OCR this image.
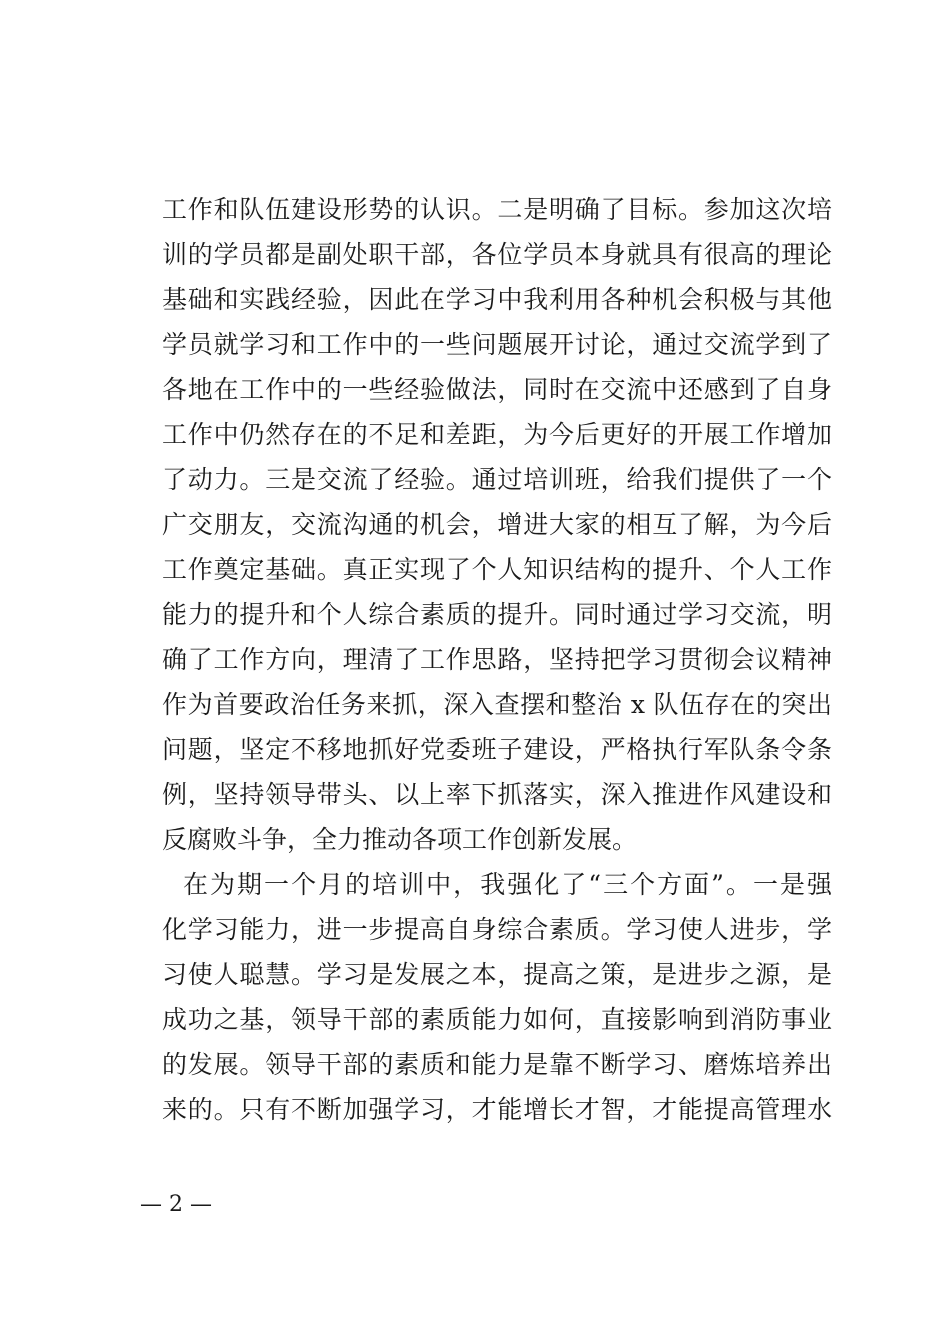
工作和队伍建设形势的认识。二是明确了目标。参加这次培
训的学员都是副处职干部，各位学员本身就具有很高的理论
基础和实践经验，因此在学习中我利用各种机会积极与其他
学员就学习和工作中的一些问题展开讨论，通过交流学到了
各地在工作中的一些经验做法，同时在交流中还感到了自身
工作中仍然存在的不足和差距，为今后更好的开展工作增加
了动力。三是交流了经验。通过培训班，给我们提供了一个
广交朋友，交流沟通的机会，增进大家的相互了解，为今后
工作奠定基础。真正实现了个人知识结构的提升、个人工作
能力的提升和个人综合素质的提升。同时通过学习交流，明
确了工作方向，理清了工作思路，坚持把学习贯彻会议精神
作为首要政治任务来抓，深入查摆和整治 x 队伍存在的突出
问题，坚定不移地抓好党委班子建设，严格执行军队条令条
例，坚持领导带头、以上率下抓落实，深入推进作风建设和
反腐败斗争，全力推动各项工作创新发展。
在为期一个月的培训中，我强化了“三个方面”。一是强
化学习能力，进一步提高自身综合素质。学习使人进步，学
习使人聪慧。学习是发展之本，提高之策，是进步之源，是
成功之基，领导干部的素质能力如何，直接影响到消防事业
的发展。领导干部的素质和能力是靠不断学习、磨炼培养出
来的。只有不断加强学习，才能增长才智，才能提高管理水
— 2 —
